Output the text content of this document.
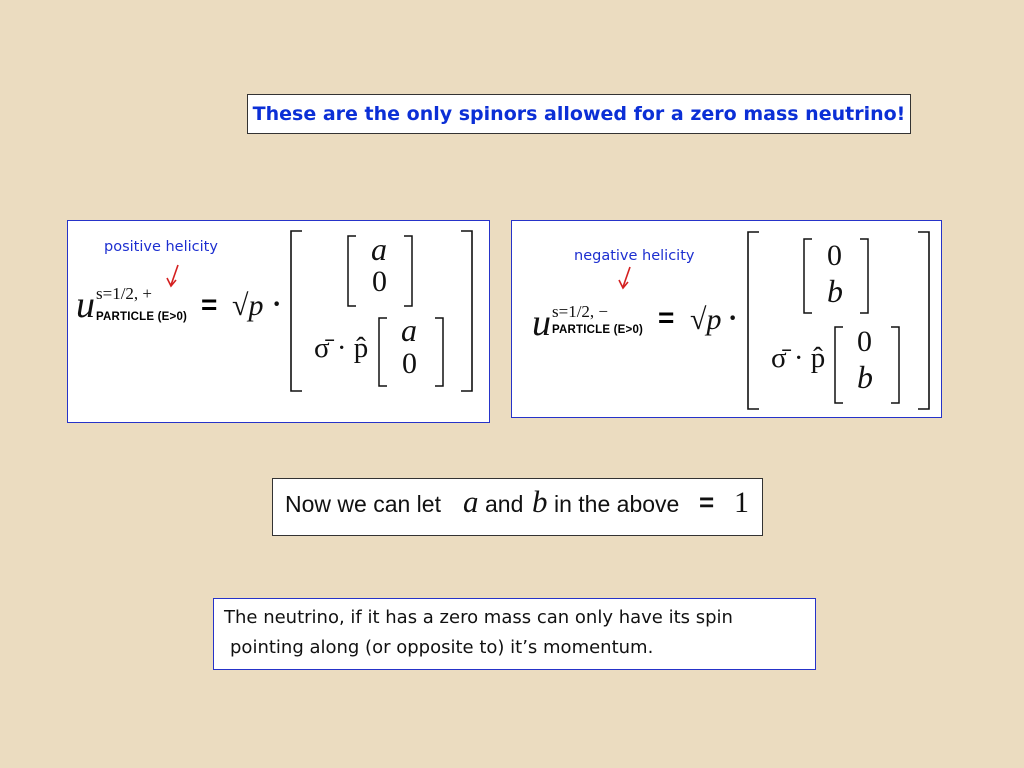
These are the only spinors allowed for a zero mass neutrino!
positive helicity
u s=1/2, +
PARTICLE (E>0) = √p ·
a
0
σ̄ · p̂ a
0
negative helicity
u s=1/2, −
PARTICLE (E>0) = √p ·
0
b
σ̄ · p̂ 0
b
Now we can let a and b in the above = 1
The neutrino, if it has a zero mass can only have its spin
pointing along (or opposite to) it’s momentum.
